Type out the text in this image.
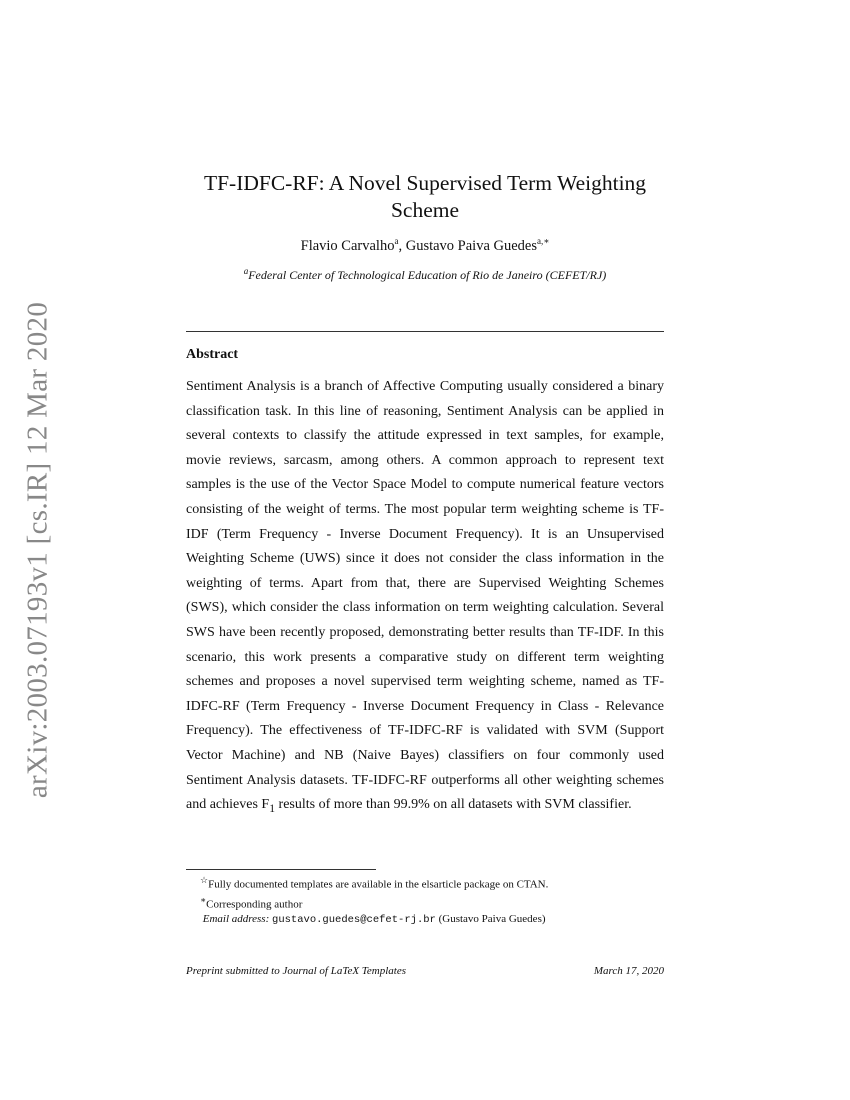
arXiv:2003.07193v1 [cs.IR] 12 Mar 2020
TF-IDFC-RF: A Novel Supervised Term Weighting Scheme
Flavio Carvalho$^a$, Gustavo Paiva Guedes$^{a,∗}$
$^a$Federal Center of Technological Education of Rio de Janeiro (CEFET/RJ)
Abstract
Sentiment Analysis is a branch of Affective Computing usually considered a binary classification task. In this line of reasoning, Sentiment Analysis can be applied in several contexts to classify the attitude expressed in text samples, for example, movie reviews, sarcasm, among others. A common approach to represent text samples is the use of the Vector Space Model to compute numerical feature vectors consisting of the weight of terms. The most popular term weighting scheme is TF-IDF (Term Frequency - Inverse Document Frequency). It is an Unsupervised Weighting Scheme (UWS) since it does not consider the class information in the weighting of terms. Apart from that, there are Supervised Weighting Schemes (SWS), which consider the class information on term weighting calculation. Several SWS have been recently proposed, demonstrating better results than TF-IDF. In this scenario, this work presents a comparative study on different term weighting schemes and proposes a novel supervised term weighting scheme, named as TF-IDFC-RF (Term Frequency - Inverse Document Frequency in Class - Relevance Frequency). The effectiveness of TF-IDFC-RF is validated with SVM (Support Vector Machine) and NB (Naive Bayes) classifiers on four commonly used Sentiment Analysis datasets. TF-IDFC-RF outperforms all other weighting schemes and achieves $F_1$ results of more than 99.9% on all datasets with SVM classifier.
☆Fully documented templates are available in the elsarticle package on CTAN.
∗Corresponding author
Email address: gustavo.guedes@cefet-rj.br (Gustavo Paiva Guedes)
Preprint submitted to Journal of LaTeX Templates	March 17, 2020
